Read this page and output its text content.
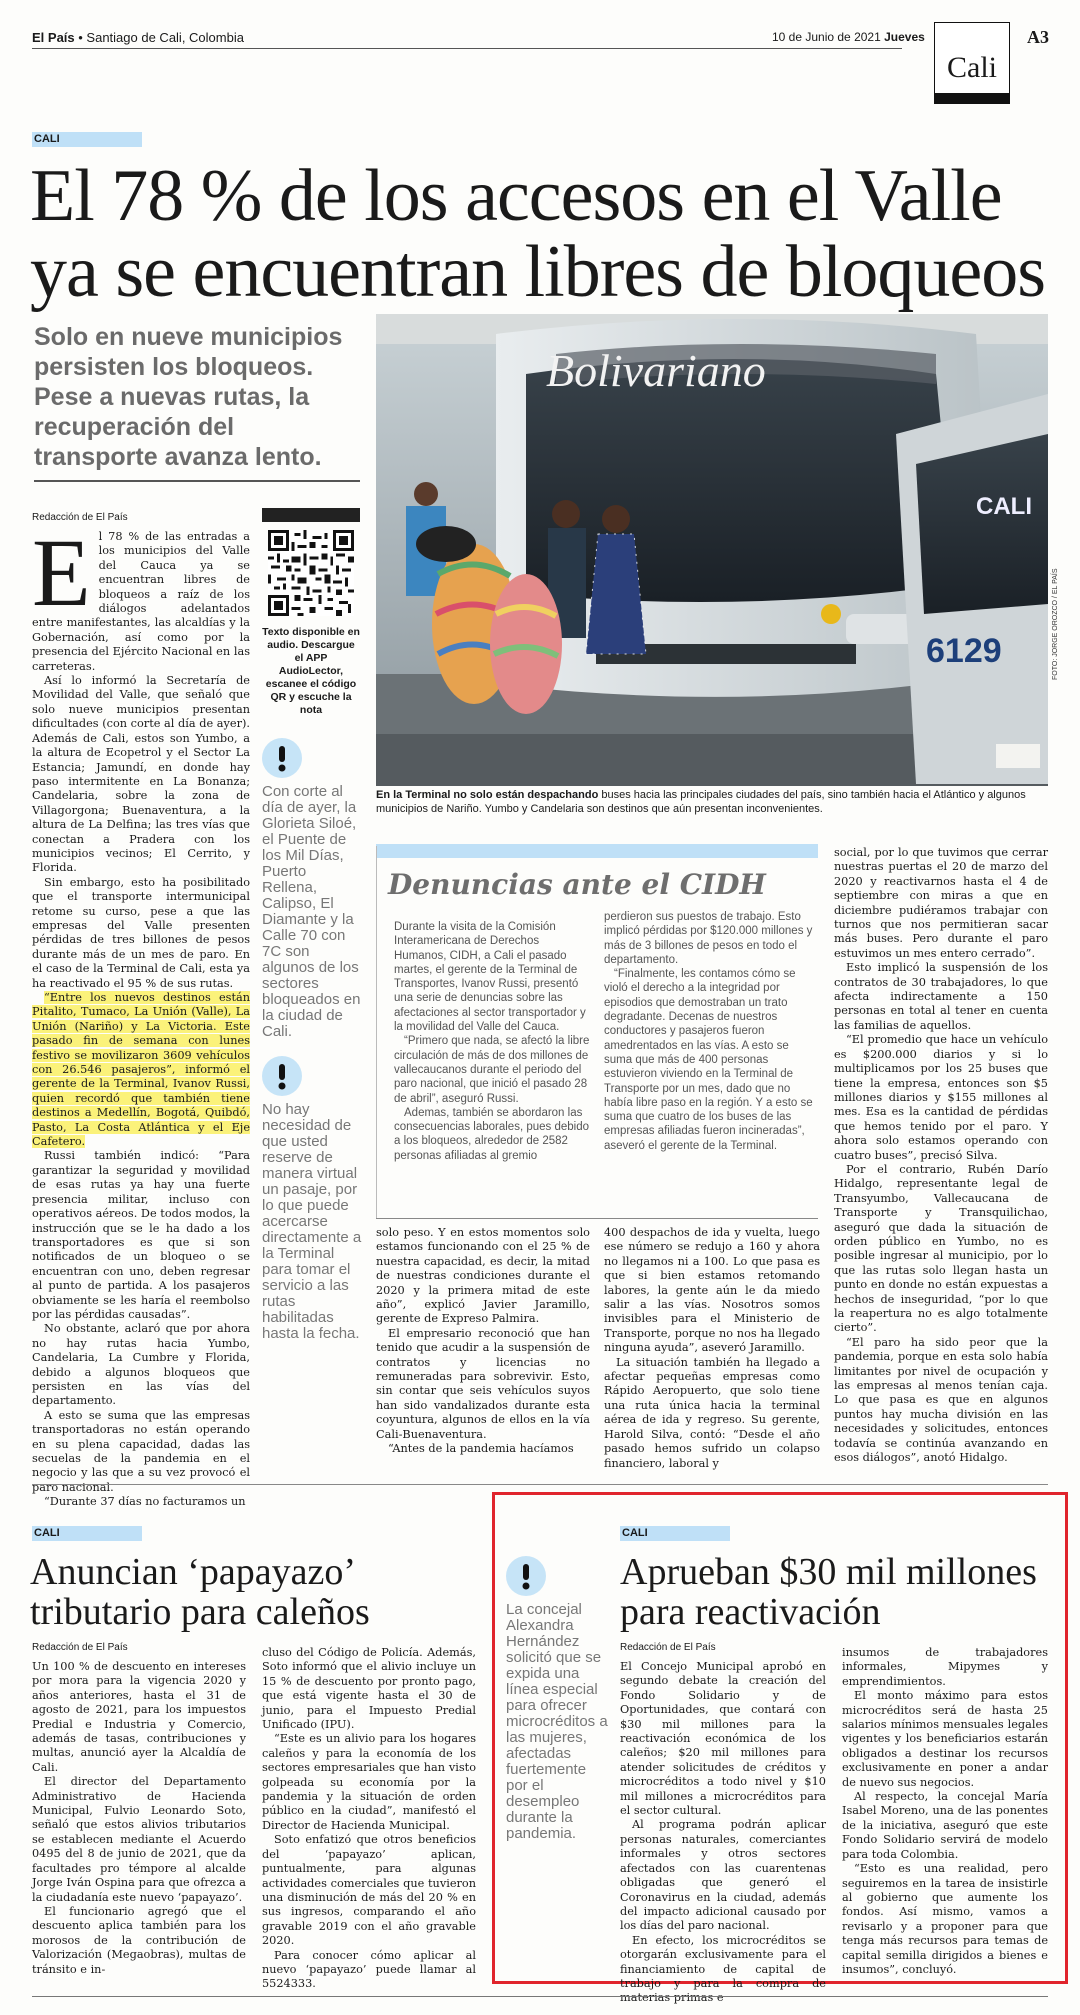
El País • Santiago de Cali, Colombia	10 de Junio de 2021 Jueves	A3
Cali
CALI
El 78 % de los accesos en el Valle
ya se encuentran libres de bloqueos
Solo en nueve municipios persisten los bloqueos. Pese a nuevas rutas, la recuperación del transporte avanza lento.
Redacción de El País
E l 78 % de las entradas a los municipios del Valle del Cauca ya se encuentran libres de bloqueos a raíz de los diálogos adelantados entre manifestantes, las alcaldías y la Gobernación, así como por la presencia del Ejército Nacional en las carreteras.

Así lo informó la Secretaría de Movilidad del Valle, que señaló que solo nueve municipios presentan dificultades (con corte al día de ayer). Además de Cali, estos son Yumbo, a la altura de Ecopetrol y el Sector La Estancia; Jamundí, en donde hay paso intermitente en La Bonanza; Candelaria, sobre la zona de Villagorgona; Buenaventura, a la altura de La Delfina; las tres vías que conectan a Pradera con los municipios vecinos; El Cerrito, y Florida.

Sin embargo, esto ha posibilitado que el transporte intermunicipal retome su curso, pese a que las empresas del Valle presenten pérdidas de tres billones de pesos durante más de un mes de paro. En el caso de la Terminal de Cali, esta ya ha reactivado el 95 % de sus rutas.

“Entre los nuevos destinos están Pitalito, Tumaco, La Unión (Valle), La Unión (Nariño) y La Victoria. Este pasado fin de semana con lunes festivo se movilizaron 3609 vehículos con 26.546 pasajeros”, informó el gerente de la Terminal, Ivanov Russi, quien recordó que también tiene destinos a Medellín, Bogotá, Quibdó, Pasto, La Costa Atlántica y el Eje Cafetero.

Russi también indicó: “Para garantizar la seguridad y movilidad de esas rutas ya hay una fuerte presencia militar, incluso con operativos aéreos. De todos modos, la instrucción que se le ha dado a los transportadores es que si son notificados de un bloqueo o se encuentran con uno, deben regresar al punto de partida. A los pasajeros obviamente se les haría el reembolso por las pérdidas causadas”.

No obstante, aclaró que por ahora no hay rutas hacia Yumbo, Candelaria, La Cumbre y Florida, debido a algunos bloqueos que persisten en las vías del departamento.

A esto se suma que las empresas transportadoras no están operando en su plena capacidad, dadas las secuelas de la pandemia en el negocio y las que a su vez provocó el paro nacional.

“Durante 37 días no facturamos un

Texto disponible en audio. Descargue el APP AudioLector, escanee el código QR y escuche la nota
Con corte al día de ayer, la Glorieta Siloé, el Puente de los Mil Días, Puerto Rellena, Calipso, El Diamante y la Calle 70 con 7C son algunos de los sectores bloqueados en la ciudad de Cali.
No hay necesidad de que usted reserve de manera virtual un pasaje, por lo que puede acercarse directamente a la Terminal para tomar el servicio a las rutas habilitadas hasta la fecha.
Bolivariano
CALI
6129	FOTO: JORGE OROZCO / EL PAÍS
En la Terminal no solo están despachando buses hacia las principales ciudades del país, sino también hacia el Atlántico y algunos municipios de Nariño. Yumbo y Candelaria son destinos que aún presentan inconvenientes.
Denuncias ante el CIDH

Durante la visita de la Comisión Interamericana de Derechos Humanos, CIDH, a Cali el pasado martes, el gerente de la Terminal de Transportes, Ivanov Russi, presentó una serie de denuncias sobre las afectaciones al sector transportador y la movilidad del Valle del Cauca.

“Primero que nada, se afectó la libre circulación de más de dos millones de vallecaucanos durante el periodo del paro nacional, que inició el pasado 28 de abril”, aseguró Russi.

Ademas, también se abordaron las consecuencias laborales, pues debido a los bloqueos, alrededor de 2582 personas afiliadas al gremio

perdieron sus puestos de trabajo. Esto implicó pérdidas por $120.000 millones y más de 3 billones de pesos en todo el departamento.

“Finalmente, les contamos cómo se violó el derecho a la integridad por episodios que demostraban un trato degradante. Decenas de nuestros conductores y pasajeros fueron amedrentados en las vías. A esto se suma que más de 400 personas estuvieron viviendo en la Terminal de Transporte por un mes, dado que no había libre paso en la región. Y a esto se suma que cuatro de los buses de las empresas afiliadas fueron incineradas”, aseveró el gerente de la Terminal.

solo peso. Y en estos momentos solo estamos funcionando con el 25 % de nuestra capacidad, es decir, la mitad de nuestras condiciones durante el 2020 y la primera mitad de este año”, explicó Javier Jaramillo, gerente de Expreso Palmira.

El empresario reconoció que han tenido que acudir a la suspensión de contratos y licencias no remuneradas para sobrevivir. Esto, sin contar que seis vehículos suyos han sido vandalizados durante esta coyuntura, algunos de ellos en la vía Cali-Buenaventura.

“Antes de la pandemia hacíamos

400 despachos de ida y vuelta, luego ese número se redujo a 160 y ahora no llegamos ni a 100. Lo que pasa es que si bien estamos retomando labores, la gente aún le da miedo salir a las vías. Nosotros somos invisibles para el Ministerio de Transporte, porque no nos ha llegado ninguna ayuda”, aseveró Jaramillo.

La situación también ha llegado a afectar pequeñas empresas como Rápido Aeropuerto, que solo tiene una ruta única hacia la terminal aérea de ida y regreso. Su gerente, Harold Silva, contó: “Desde el año pasado hemos sufrido un colapso financiero, laboral y

social, por lo que tuvimos que cerrar nuestras puertas el 20 de marzo del 2020 y reactivarnos hasta el 4 de septiembre con miras a que en diciembre pudiéramos trabajar con turnos que nos permitieran sacar más buses. Pero durante el paro estuvimos un mes entero cerrado”.

Esto implicó la suspensión de los contratos de 30 trabajadores, lo que afecta indirectamente a 150 personas en total al tener en cuenta las familias de aquellos.

“El promedio que hace un vehículo es $200.000 diarios y si lo multiplicamos por los 25 buses que tiene la empresa, entonces son $5 millones diarios y $155 millones al mes. Esa es la cantidad de pérdidas que hemos tenido por el paro. Y ahora solo estamos operando con cuatro buses”, precisó Silva.

Por el contrario, Rubén Darío Hidalgo, representante legal de Transyumbo, Vallecaucana de Transporte y Transquilichao, aseguró que dada la situación de orden público en Yumbo, no es posible ingresar al municipio, por lo que las rutas solo llegan hasta un punto en donde no están expuestas a hechos de inseguridad, “por lo que la reapertura no es algo totalmente cierto”.

“El paro ha sido peor que la pandemia, porque en esta solo había limitantes por nivel de ocupación y las empresas al menos tenían caja. Lo que pasa es que en algunos puntos hay mucha división en las necesidades y solicitudes, entonces todavía se continúa avanzando en esos diálogos”, anotó Hidalgo.

CALI
Anuncian ‘papayazo’ tributario para caleños
Redacción de El País

Un 100 % de descuento en intereses por mora para la vigencia 2020 y años anteriores, hasta el 31 de agosto de 2021, para los impuestos Predial e Industria y Comercio, además de tasas, contribuciones y multas, anunció ayer la Alcaldía de Cali.

El director del Departamento Administrativo de Hacienda Municipal, Fulvio Leonardo Soto, señaló que estos alivios tributarios se establecen mediante el Acuerdo 0495 del 8 de junio de 2021, que da facultades pro témpore al alcalde Jorge Iván Ospina para que ofrezca a la ciudadanía este nuevo ‘papayazo’.

El funcionario agregó que el descuento aplica también para los morosos de la contribución de Valorización (Megaobras), multas de tránsito e in-

cluso del Código de Policía. Además, Soto informó que el alivio incluye un 15 % de descuento por pronto pago, que está vigente hasta el 30 de junio, para el Impuesto Predial Unificado (IPU).

“Este es un alivio para los hogares caleños y para la economía de los sectores empresariales que han visto golpeada su economía por la pandemia y la situación de orden público en la ciudad”, manifestó el Director de Hacienda Municipal.

Soto enfatizó que otros beneficios del ‘papayazo’ aplican, puntualmente, para algunas actividades comerciales que tuvieron una disminución de más del 20 % en sus ingresos, comparando el año gravable 2019 con el año gravable 2020.

Para conocer cómo aplicar al nuevo ‘papayazo’ puede llamar al 5524333.

La concejal Alexandra Hernández solicitó que se expida una línea especial para ofrecer microcréditos a las mujeres, afectadas fuertemente por el desempleo durante la pandemia.
CALI
Aprueban $30 mil millones para reactivación
Redacción de El País

El Concejo Municipal aprobó en segundo debate la creación del Fondo Solidario y de Oportunidades, que contará con $30 mil millones para la reactivación económica de los caleños; $20 mil millones para atender solicitudes de créditos y microcréditos a todo nivel y $10 mil millones a microcréditos para el sector cultural.

Al programa podrán aplicar personas naturales, comerciantes informales y otros sectores afectados con las cuarentenas obligadas que generó el Coronavirus en la ciudad, además del impacto adicional causado por los días del paro nacional.

En efecto, los microcréditos se otorgarán exclusivamente para el financiamiento de capital de trabajo y para la compra de materias primas e

insumos de trabajadores informales, Mipymes y emprendimientos.

El monto máximo para estos microcréditos será de hasta 25 salarios mínimos mensuales legales vigentes y los beneficiarios estarán obligados a destinar los recursos exclusivamente en poner a andar de nuevo sus negocios.

Al respecto, la concejal María Isabel Moreno, una de las ponentes de la iniciativa, aseguró que este Fondo Solidario servirá de modelo para toda Colombia.

“Esto es una realidad, pero seguiremos en la tarea de insistirle al gobierno que aumente los fondos. Así mismo, vamos a revisarlo y a proponer para que tenga más recursos para temas de capital semilla dirigidos a bienes e insumos”, concluyó.
